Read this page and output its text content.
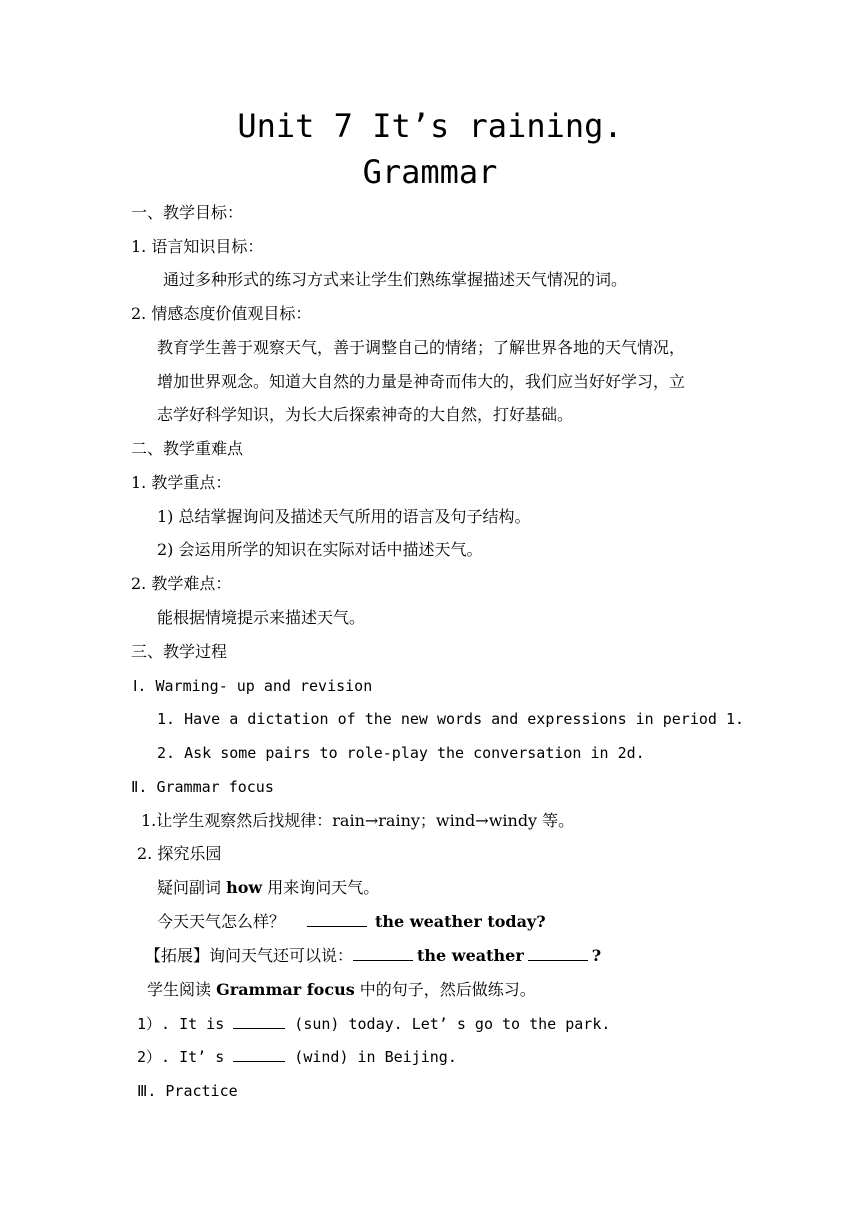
Unit 7 It’s raining.
Grammar
一、教学目标：
1. 语言知识目标：
通过多种形式的练习方式来让学生们熟练掌握描述天气情况的词。
2. 情感态度价值观目标：
教育学生善于观察天气，善于调整自己的情绪；了解世界各地的天气情况，
增加世界观念。知道大自然的力量是神奇而伟大的，我们应当好好学习，立
志学好科学知识，为长大后探索神奇的大自然，打好基础。
二、教学重难点
1. 教学重点：
1) 总结掌握询问及描述天气所用的语言及句子结构。
2) 会运用所学的知识在实际对话中描述天气。
2. 教学难点：
能根据情境提示来描述天气。
三、教学过程
Ⅰ. Warming- up and revision
1. Have a dictation of the new words and expressions in period 1.
2. Ask some pairs to role-play the conversation in 2d.
Ⅱ. Grammar focus
1.让学生观察然后找规律：rain→rainy；wind→windy 等。
2. 探究乐园
疑问副词 how 用来询问天气。
今天天气怎么样？	the weather today?
【拓展】询问天气还可以说：	the weather	?
学生阅读 Grammar focus 中的句子，然后做练习。
1）. It is	(sun) today. Let’ s go to the park.
2）. It’ s	(wind) in Beijing.
Ⅲ. Practice
